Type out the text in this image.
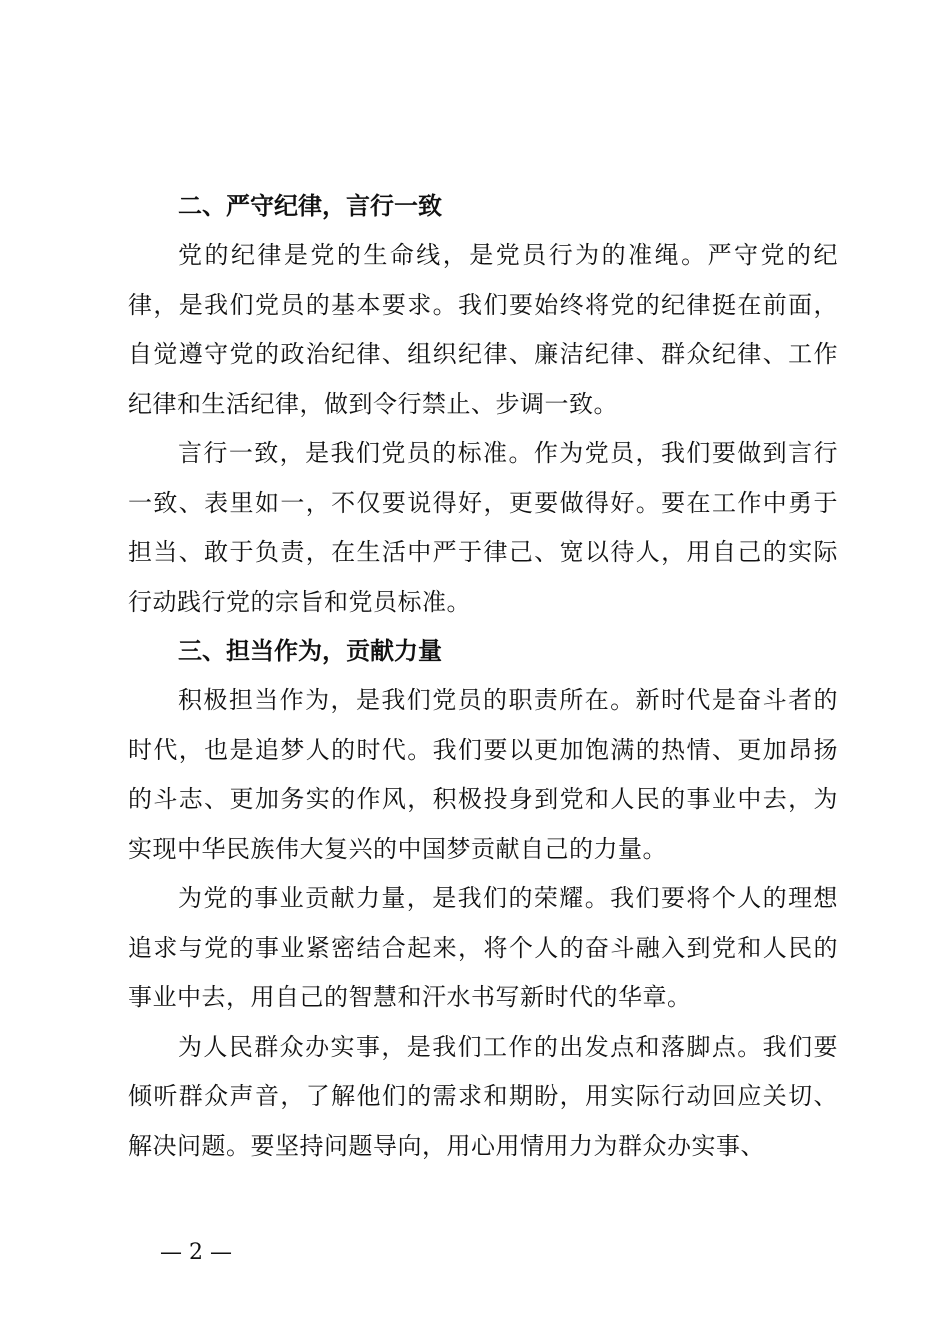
二、严守纪律，言行一致

党的纪律是党的生命线，是党员行为的准绳。严守党的纪律，是我们党员的基本要求。我们要始终将党的纪律挺在前面，自觉遵守党的政治纪律、组织纪律、廉洁纪律、群众纪律、工作纪律和生活纪律，做到令行禁止、步调一致。

言行一致，是我们党员的标准。作为党员，我们要做到言行一致、表里如一，不仅要说得好，更要做得好。要在工作中勇于担当、敢于负责，在生活中严于律己、宽以待人，用自己的实际行动践行党的宗旨和党员标准。

三、担当作为，贡献力量

积极担当作为，是我们党员的职责所在。新时代是奋斗者的时代，也是追梦人的时代。我们要以更加饱满的热情、更加昂扬的斗志、更加务实的作风，积极投身到党和人民的事业中去，为实现中华民族伟大复兴的中国梦贡献自己的力量。

为党的事业贡献力量，是我们的荣耀。我们要将个人的理想追求与党的事业紧密结合起来，将个人的奋斗融入到党和人民的事业中去，用自己的智慧和汗水书写新时代的华章。

为人民群众办实事，是我们工作的出发点和落脚点。我们要倾听群众声音，了解他们的需求和期盼，用实际行动回应关切、解决问题。要坚持问题导向，用心用情用力为群众办实事、

— 2 —
